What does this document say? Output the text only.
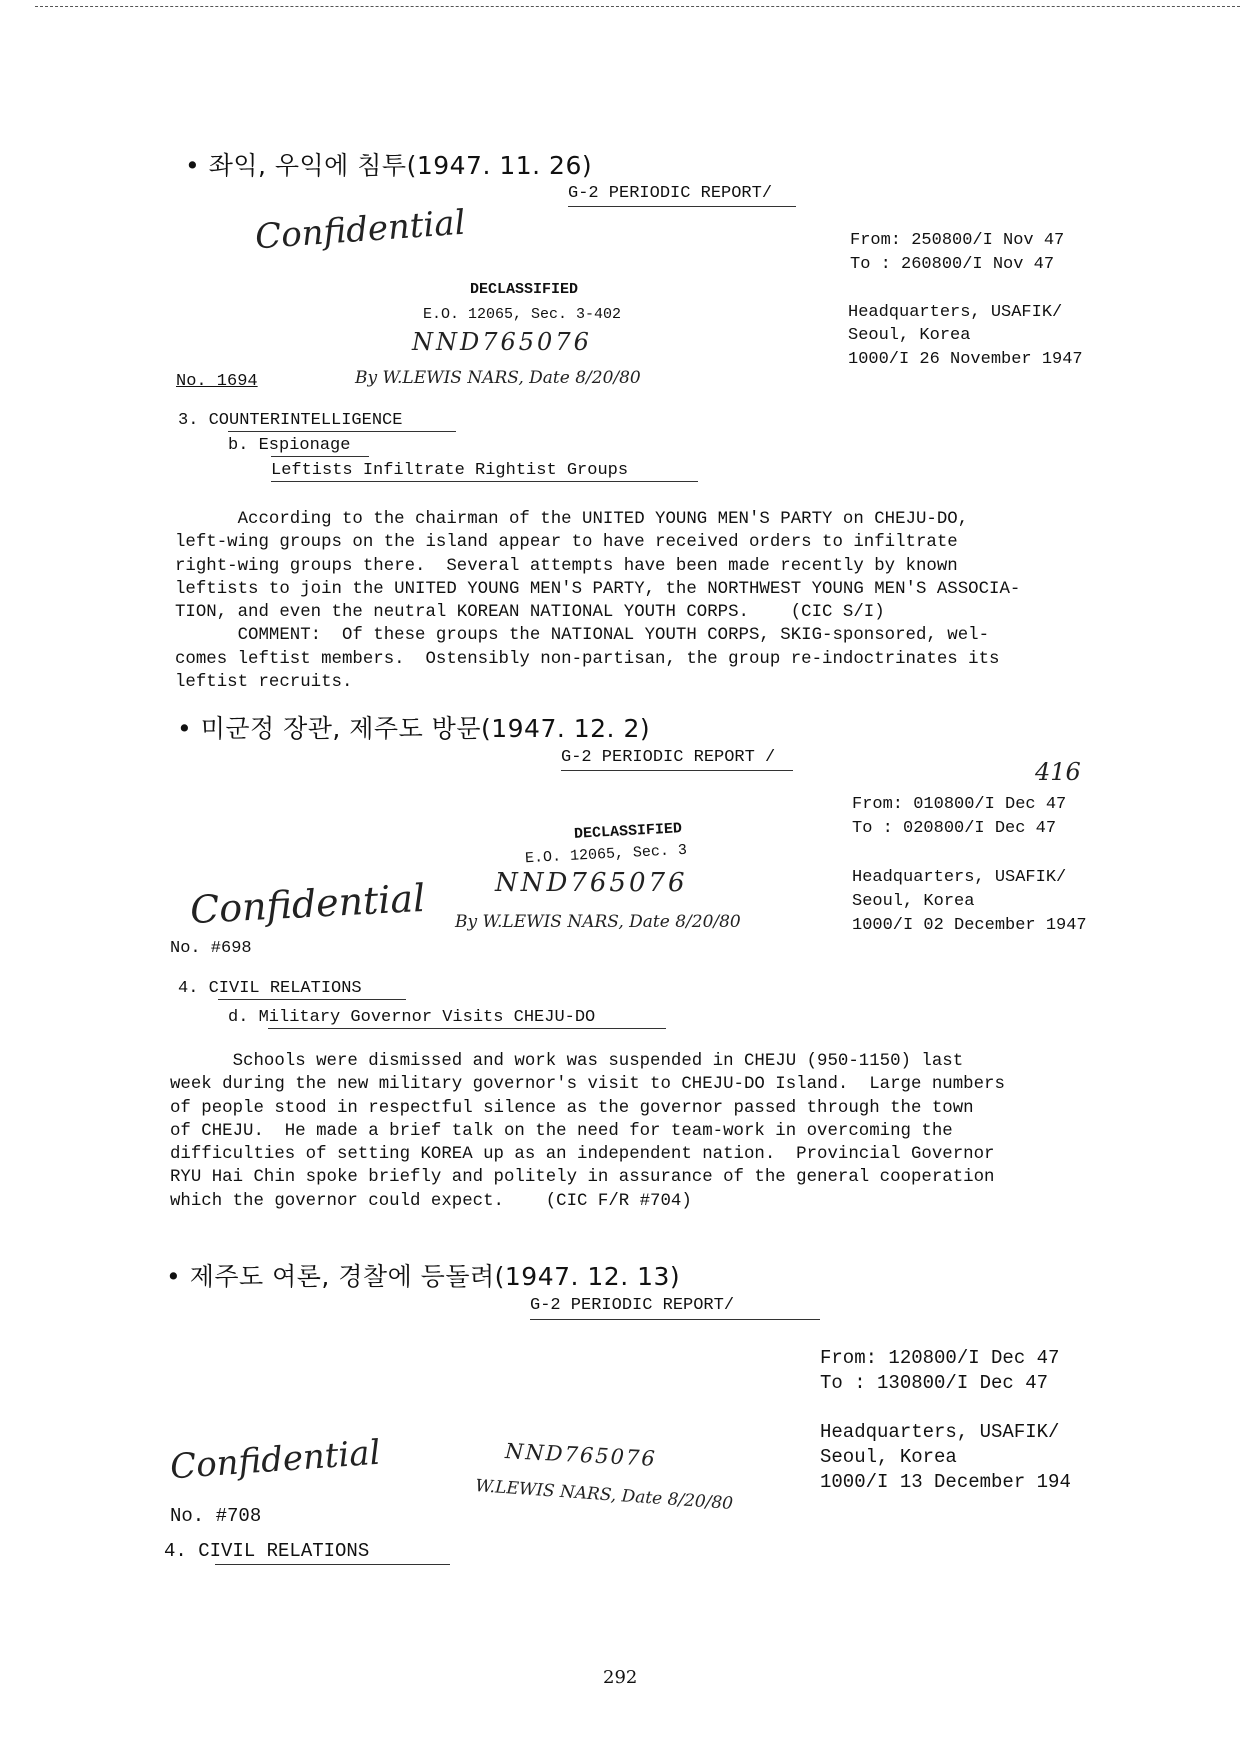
• 좌익, 우익에 침투(1947. 11. 26)
G-2 PERIODIC REPORT/
Confidential	From: 250800/I Nov 47
To : 260800/I Nov 47
Headquarters, USAFIK/
Seoul, Korea
1000/I 26 November 1947
DECLASSIFIED
E.O. 12065, Sec. 3-402
NND765076
By W.LEWIS NARS, Date 8/20/80
No. 1694
3. COUNTERINTELLIGENCE
b. Espionage
Leftists Infiltrate Rightist Groups
According to the chairman of the UNITED YOUNG MEN'S PARTY on CHEJU-DO,
left-wing groups on the island appear to have received orders to infiltrate
right-wing groups there.  Several attempts have been made recently by known
leftists to join the UNITED YOUNG MEN'S PARTY, the NORTHWEST YOUNG MEN'S ASSOCIA-
TION, and even the neutral KOREAN NATIONAL YOUTH CORPS.    (CIC S/I)
COMMENT:  Of these groups the NATIONAL YOUTH CORPS, SKIG-sponsored, wel-
comes leftist members.  Ostensibly non-partisan, the group re-indoctrinates its
leftist recruits.
• 미군정 장관, 제주도 방문(1947. 12. 2)
G-2 PERIODIC REPORT /
416
From: 010800/I Dec 47
To : 020800/I Dec 47
Headquarters, USAFIK/
Seoul, Korea
1000/I 02 December 1947
DECLASSIFIED
E.O. 12065, Sec. 3
NND765076
By W.LEWIS NARS, Date 8/20/80
Confidential
No. #698
4. CIVIL RELATIONS
d. Military Governor Visits CHEJU-DO
Schools were dismissed and work was suspended in CHEJU (950-1150) last
week during the new military governor's visit to CHEJU-DO Island.  Large numbers
of people stood in respectful silence as the governor passed through the town
of CHEJU.  He made a brief talk on the need for team-work in overcoming the
difficulties of setting KOREA up as an independent nation.  Provincial Governor
RYU Hai Chin spoke briefly and politely in assurance of the general cooperation
which the governor could expect.    (CIC F/R #704)
• 제주도 여론, 경찰에 등돌려(1947. 12. 13)
G-2 PERIODIC REPORT/
From: 120800/I Dec 47
To : 130800/I Dec 47
Headquarters, USAFIK/
Seoul, Korea
1000/I 13 December 194
Confidential	NND765076
W.LEWIS NARS, Date 8/20/80
No. #708
4. CIVIL RELATIONS
292
